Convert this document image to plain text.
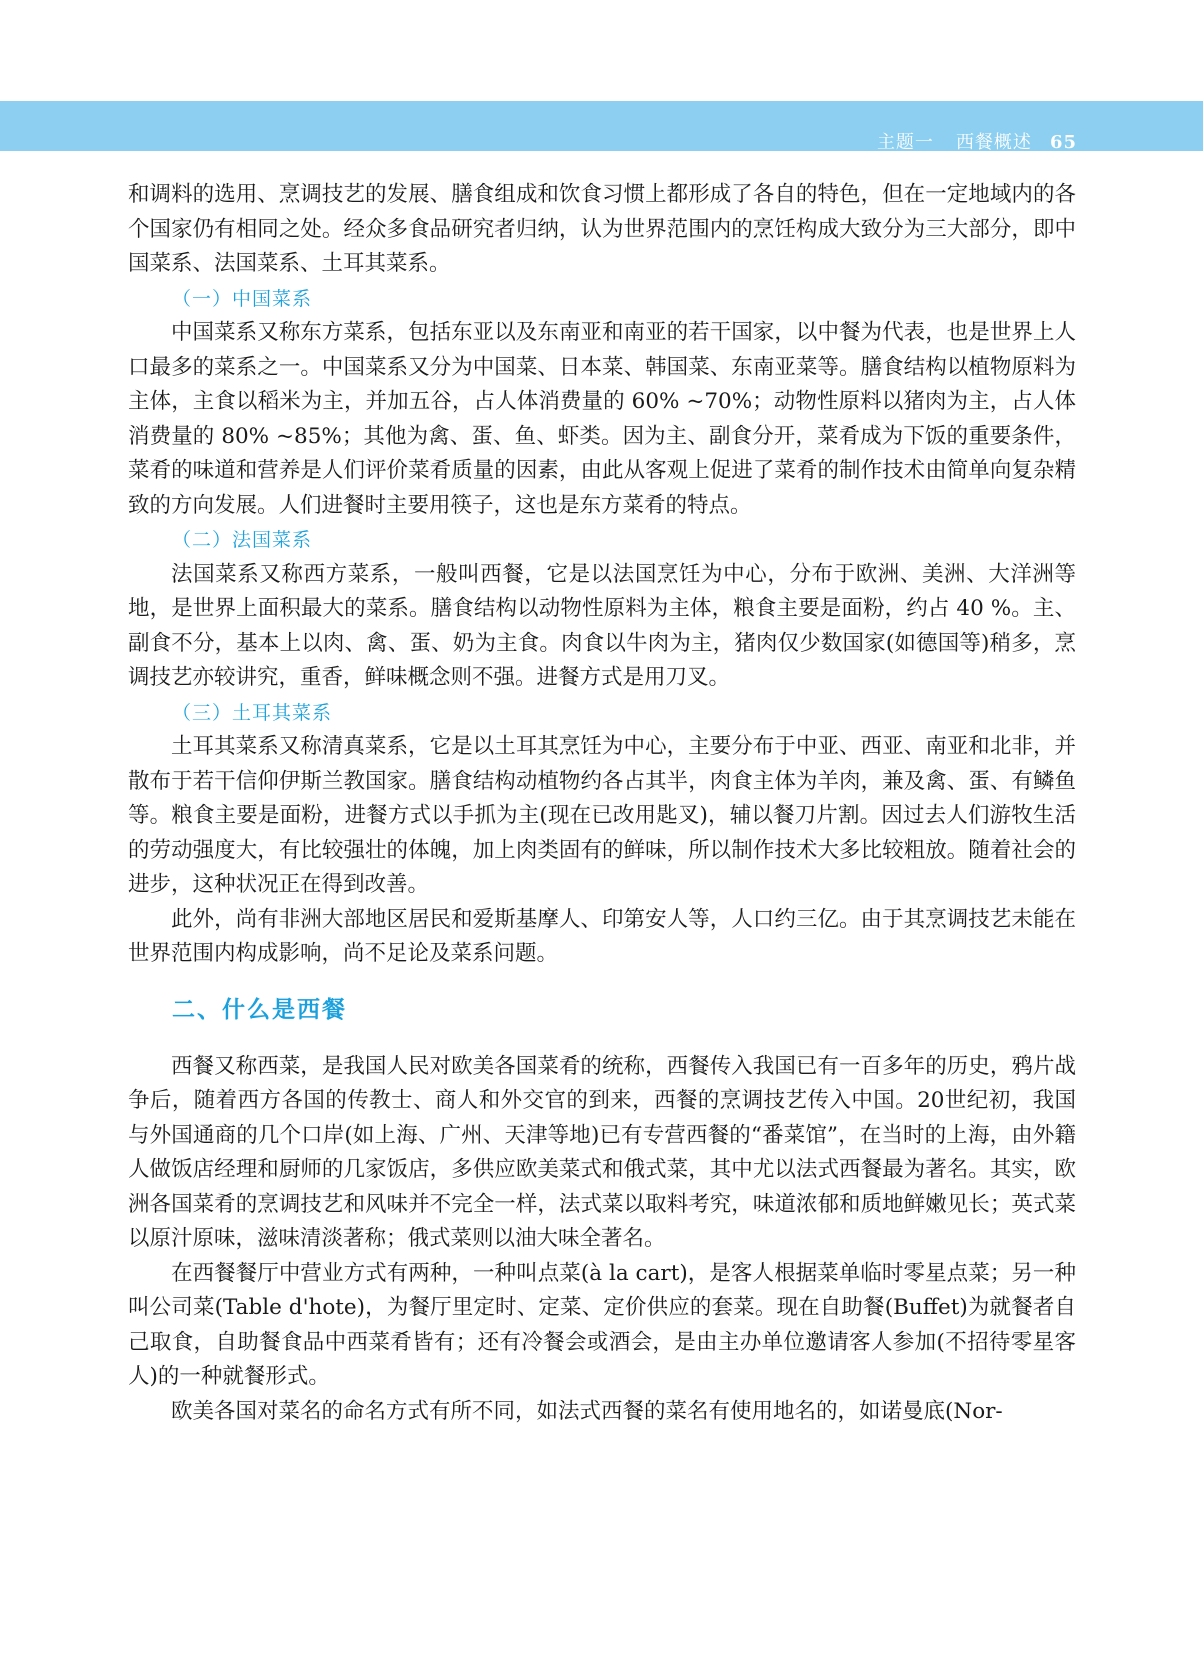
主题一 西餐概述 65

和调料的选用、烹调技艺的发展、膳食组成和饮食习惯上都形成了各自的特色，但在一定地域内的各个国家仍有相同之处。经众多食品研究者归纳，认为世界范围内的烹饪构成大致分为三大部分，即中国菜系、法国菜系、土耳其菜系。

（一）中国菜系

中国菜系又称东方菜系，包括东亚以及东南亚和南亚的若干国家，以中餐为代表，也是世界上人口最多的菜系之一。中国菜系又分为中国菜、日本菜、韩国菜、东南亚菜等。膳食结构以植物原料为主体，主食以稻米为主，并加五谷，占人体消费量的 60% ~70%；动物性原料以猪肉为主，占人体消费量的 80% ~85%；其他为禽、蛋、鱼、虾类。因为主、副食分开，菜肴成为下饭的重要条件，菜肴的味道和营养是人们评价菜肴质量的因素，由此从客观上促进了菜肴的制作技术由简单向复杂精致的方向发展。人们进餐时主要用筷子，这也是东方菜肴的特点。

（二）法国菜系

法国菜系又称西方菜系，一般叫西餐，它是以法国烹饪为中心，分布于欧洲、美洲、大洋洲等地，是世界上面积最大的菜系。膳食结构以动物性原料为主体，粮食主要是面粉，约占 40 %。主、副食不分，基本上以肉、禽、蛋、奶为主食。肉食以牛肉为主，猪肉仅少数国家(如德国等)稍多，烹调技艺亦较讲究，重香，鲜味概念则不强。进餐方式是用刀叉。

（三）土耳其菜系

土耳其菜系又称清真菜系，它是以土耳其烹饪为中心，主要分布于中亚、西亚、南亚和北非，并散布于若干信仰伊斯兰教国家。膳食结构动植物约各占其半，肉食主体为羊肉，兼及禽、蛋、有鳞鱼等。粮食主要是面粉，进餐方式以手抓为主(现在已改用匙叉)，辅以餐刀片割。因过去人们游牧生活的劳动强度大，有比较强壮的体魄，加上肉类固有的鲜味，所以制作技术大多比较粗放。随着社会的进步，这种状况正在得到改善。

此外，尚有非洲大部地区居民和爱斯基摩人、印第安人等，人口约三亿。由于其烹调技艺未能在世界范围内构成影响，尚不足论及菜系问题。

二、什么是西餐

西餐又称西菜，是我国人民对欧美各国菜肴的统称，西餐传入我国已有一百多年的历史，鸦片战争后，随着西方各国的传教士、商人和外交官的到来，西餐的烹调技艺传入中国。20世纪初，我国与外国通商的几个口岸(如上海、广州、天津等地)已有专营西餐的“番菜馆”，在当时的上海，由外籍人做饭店经理和厨师的几家饭店，多供应欧美菜式和俄式菜，其中尤以法式西餐最为著名。其实，欧洲各国菜肴的烹调技艺和风味并不完全一样，法式菜以取料考究，味道浓郁和质地鲜嫩见长；英式菜以原汁原味，滋味清淡著称；俄式菜则以油大味全著名。

在西餐餐厅中营业方式有两种，一种叫点菜(à la cart)，是客人根据菜单临时零星点菜；另一种叫公司菜(Table d'hote)，为餐厅里定时、定菜、定价供应的套菜。现在自助餐(Buffet)为就餐者自己取食，自助餐食品中西菜肴皆有；还有冷餐会或酒会，是由主办单位邀请客人参加(不招待零星客人)的一种就餐形式。

欧美各国对菜名的命名方式有所不同，如法式西餐的菜名有使用地名的，如诺曼底(Nor-
